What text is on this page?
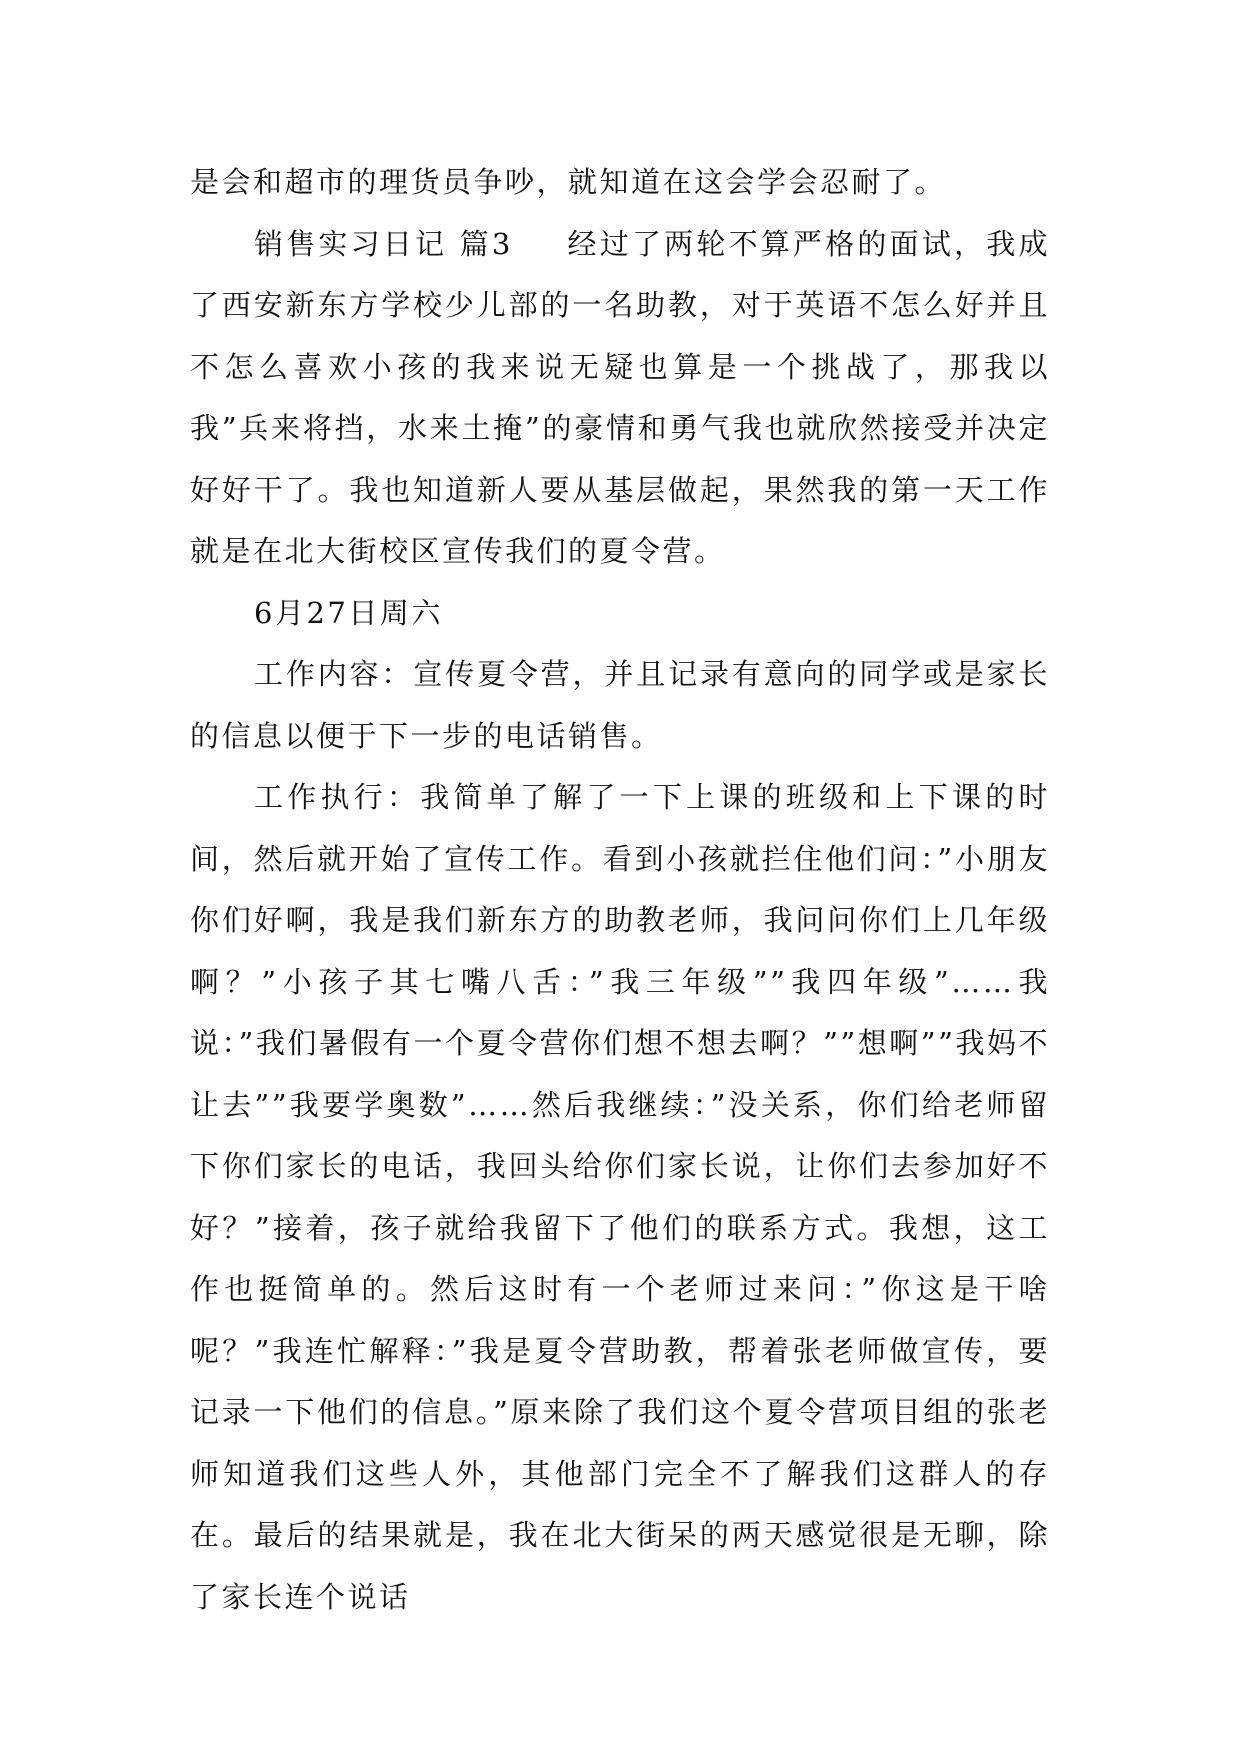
是会和超市的理货员争吵，就知道在这会学会忍耐了。

销售实习日记 篇3 经过了两轮不算严格的面试，我成了西安新东方学校少儿部的一名助教，对于英语不怎么好并且不怎么喜欢小孩的我来说无疑也算是一个挑战了，那我以我”兵来将挡，水来土掩”的豪情和勇气我也就欣然接受并决定好好干了。我也知道新人要从基层做起，果然我的第一天工作就是在北大街校区宣传我们的夏令营。

6月27日周六

工作内容：宣传夏令营，并且记录有意向的同学或是家长的信息以便于下一步的电话销售。

工作执行：我简单了解了一下上课的班级和上下课的时间，然后就开始了宣传工作。看到小孩就拦住他们问：”小朋友你们好啊，我是我们新东方的助教老师，我问问你们上几年级啊？”小孩子其七嘴八舌：”我三年级””我四年级”……我说：”我们暑假有一个夏令营你们想不想去啊？””想啊””我妈不让去””我要学奥数”……然后我继续：”没关系，你们给老师留下你们家长的电话，我回头给你们家长说，让你们去参加好不好？”接着，孩子就给我留下了他们的联系方式。我想，这工作也挺简单的。然后这时有一个老师过来问：”你这是干啥呢？”我连忙解释：”我是夏令营助教，帮着张老师做宣传，要记录一下他们的信息。”原来除了我们这个夏令营项目组的张老师知道我们这些人外，其他部门完全不了解我们这群人的存在。最后的结果就是，我在北大街呆的两天感觉很是无聊，除了家长连个说话
